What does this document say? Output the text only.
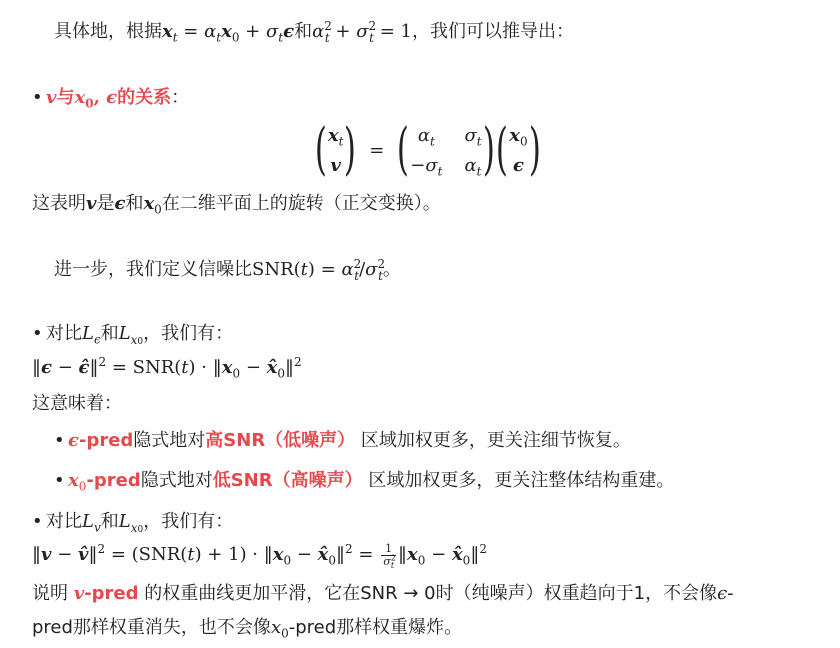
具体地，根据$x_t = \alpha_tx_0 + \sigma_t\epsilon$和$\alpha^2_t + \sigma^2_t = 1$，我们可以推导出：
• v与$x_0$, ϵ的关系：
( $x_t$
v ) = ( $\alpha_t$	$\sigma_t$
$-\sigma_t$ $\alpha_t$ ) ( $x_0$
ϵ )
这表明v是ϵ和$x_0$在二维平面上的旋转（正交变换）。
进一步，我们定义信噪比$SNR(t) = \alpha^2_t/\sigma^2_t$。
• 对比$L_\epsilon$和$L_{x0}$，我们有：
‖ϵ − ϵ̂‖$^2$ = $SNR(t) \cdot ‖x_0$ − $x̂_0‖^2$
这意味着：
• ϵ-pred隐式地对高SNR（低噪声） 区域加权更多，更关注细节恢复。
• $x_0$-pred隐式地对低SNR（高噪声） 区域加权更多，更关注整体结构重建。
• 对比$L_v$和$L_{x0}$，我们有：
‖v − v̂‖$^2$ = $(SNR(t) + 1) \cdot ‖x_0$ − $x̂_0‖^2 = \frac{1}{\sigma^2_t}$ $‖x_0$ − $x̂_0‖^2$
说明 v-pred 的权重曲线更加平滑，它在SNR → 0时（纯噪声）权重趋向于1，不会像ϵ-
pred那样权重消失，也不会像$x_0$-pred那样权重爆炸。
